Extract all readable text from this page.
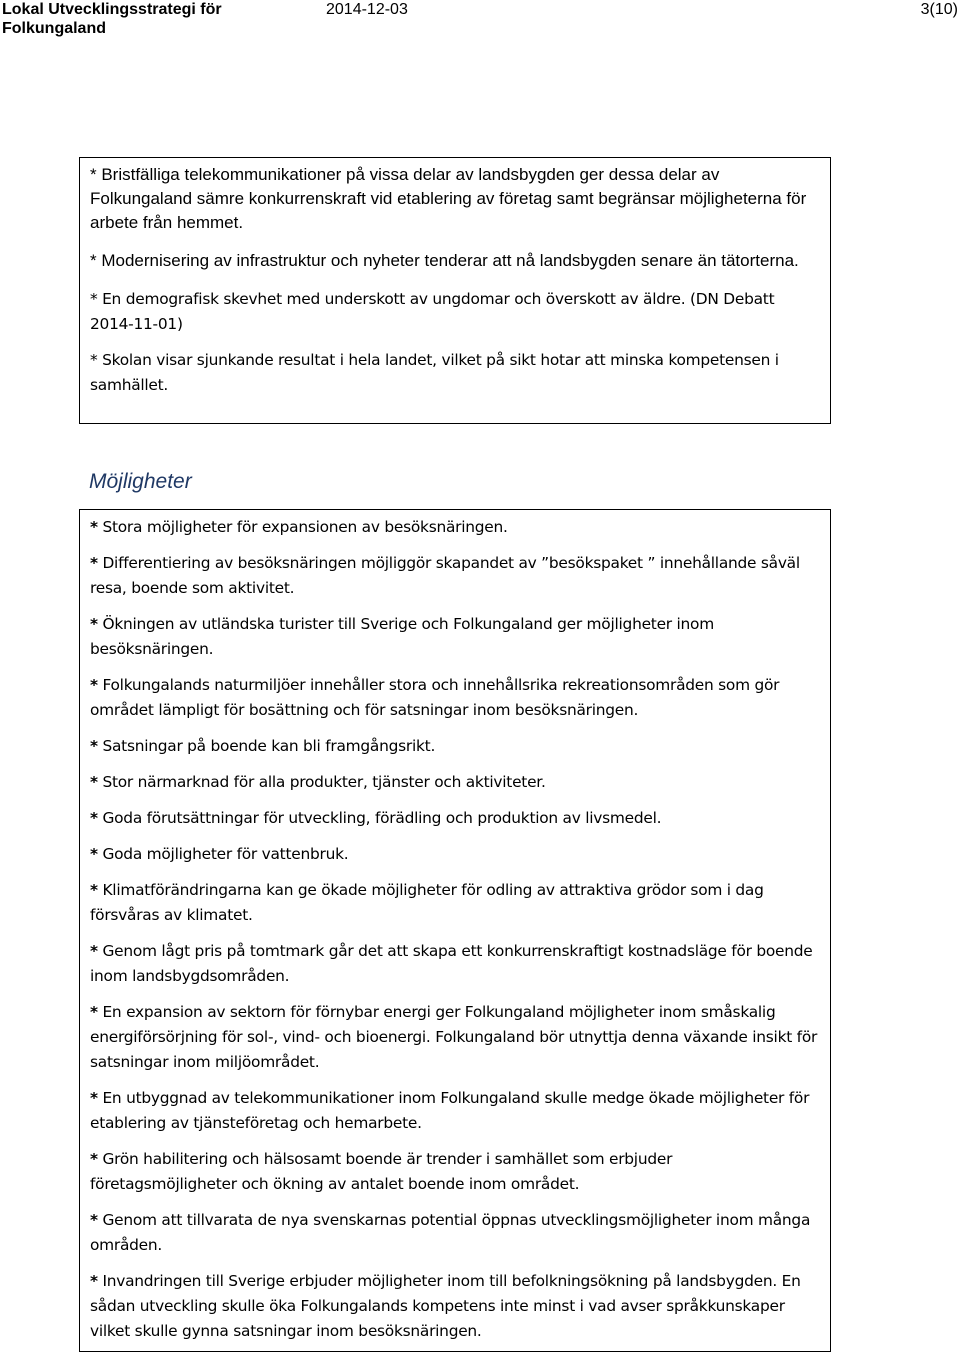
Lokal Utvecklingsstrategi för Folkungaland
2014-12-03	3(10)

* Bristfälliga telekommunikationer på vissa delar av landsbygden ger dessa delar av Folkungaland sämre konkurrenskraft vid etablering av företag samt begränsar möjligheterna för arbete från hemmet.

* Modernisering av infrastruktur och nyheter tenderar att nå landsbygden senare än tätorterna.

* En demografisk skevhet med underskott av ungdomar och överskott av äldre. (DN Debatt 2014-11-01)

* Skolan visar sjunkande resultat i hela landet, vilket på sikt hotar att minska kompetensen i samhället.

Möjligheter

* Stora möjligheter för expansionen av besöksnäringen.

* Differentiering av besöksnäringen möjliggör skapandet av ”besökspaket ” innehållande såväl resa, boende som aktivitet.

* Ökningen av utländska turister till Sverige och Folkungaland ger möjligheter inom besöksnäringen.

* Folkungalands naturmiljöer innehåller stora och innehållsrika rekreationsområden som gör området lämpligt för bosättning och för satsningar inom besöksnäringen.

* Satsningar på boende kan bli framgångsrikt.

* Stor närmarknad för alla produkter, tjänster och aktiviteter.

* Goda förutsättningar för utveckling, förädling och produktion av livsmedel.

* Goda möjligheter för vattenbruk.

* Klimatförändringarna kan ge ökade möjligheter för odling av attraktiva grödor som i dag försvåras av klimatet.

* Genom lågt pris på tomtmark går det att skapa ett konkurrenskraftigt kostnadsläge för boende inom landsbygdsområden.

* En expansion av sektorn för förnybar energi ger Folkungaland möjligheter inom småskalig energiförsörjning för sol-, vind- och bioenergi. Folkungaland bör utnyttja denna växande insikt för satsningar inom miljöområdet.

* En utbyggnad av telekommunikationer inom Folkungaland skulle medge ökade möjligheter för etablering av tjänsteföretag och hemarbete.

* Grön habilitering och hälsosamt boende är trender i samhället som erbjuder företagsmöjligheter och ökning av antalet boende inom området.

* Genom att tillvarata de nya svenskarnas potential öppnas utvecklingsmöjligheter inom många områden.

* Invandringen till Sverige erbjuder möjligheter inom till befolkningsökning på landsbygden. En sådan utveckling skulle öka Folkungalands kompetens inte minst i vad avser språkkunskaper vilket skulle gynna satsningar inom besöksnäringen.
